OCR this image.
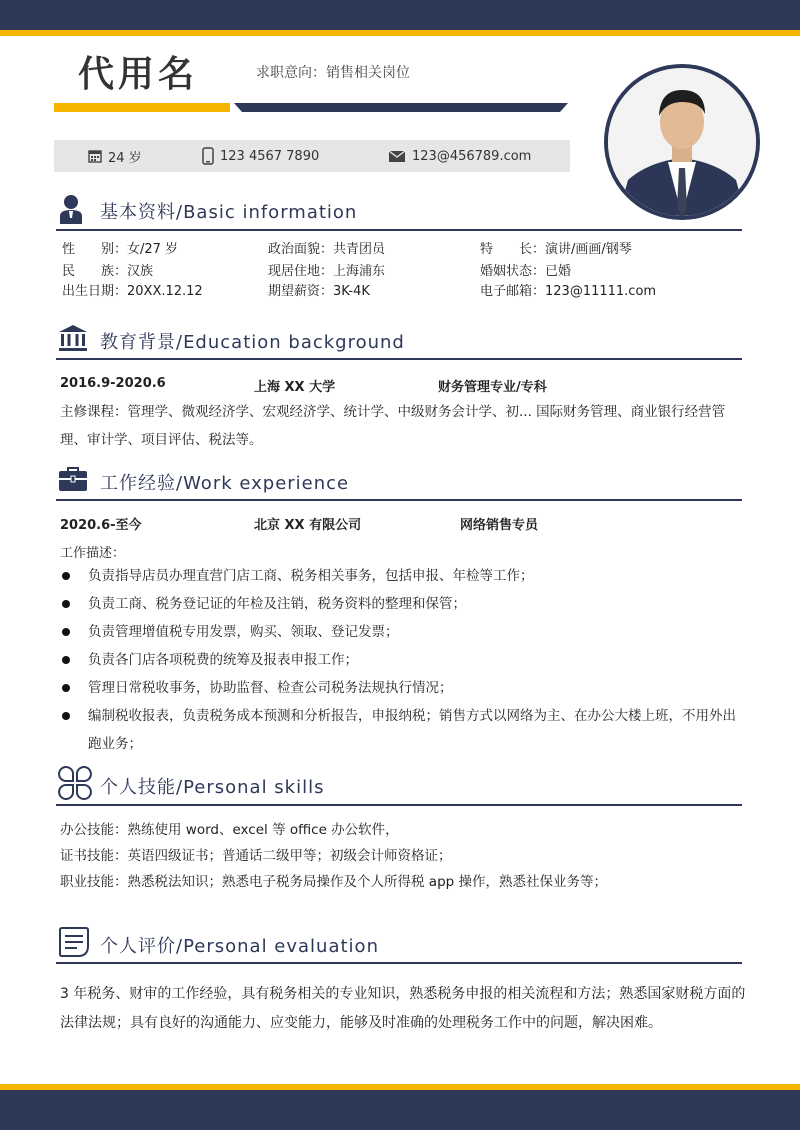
代用名	求职意向：销售相关岗位
24 岁	123 4567 7890	123@456789.com
基本资料/Basic information
性　　别：女/27 岁	政治面貌：共青团员	特　　长：演讲/画画/钢琴
民　　族：汉族	现居住地：上海浦东	婚姻状态：已婚
出生日期：20XX.12.12	期望薪资：3K-4K	电子邮箱：123@11111.com
教育背景/Education background
2016.9-2020.6	上海 XX 大学	财务管理专业/专科
主修课程：管理学、微观经济学、宏观经济学、统计学、中级财务会计学、初... 国际财务管理、商业银行经营管理、审计学、项目评估、税法等。
工作经验/Work experience
2020.6-至今	北京 XX 有限公司	网络销售专员
工作描述：
负责指导店员办理直营门店工商、税务相关事务，包括申报、年检等工作；
负责工商、税务登记证的年检及注销，税务资料的整理和保管；
负责管理增值税专用发票，购买、领取、登记发票；
负责各门店各项税费的统筹及报表申报工作；
管理日常税收事务，协助监督、检查公司税务法规执行情况；
编制税收报表，负责税务成本预测和分析报告，申报纳税；销售方式以网络为主、在办公大楼上班，不用外出跑业务；
个人技能/Personal skills
办公技能：熟练使用 word、excel 等 office 办公软件，
证书技能：英语四级证书；普通话二级甲等；初级会计师资格证；
职业技能：熟悉税法知识；熟悉电子税务局操作及个人所得税 app 操作，熟悉社保业务等；
个人评价/Personal evaluation
3 年税务、财审的工作经验，具有税务相关的专业知识，熟悉税务申报的相关流程和方法；熟悉国家财税方面的法律法规；具有良好的沟通能力、应变能力，能够及时准确的处理税务工作中的问题，解决困难。
